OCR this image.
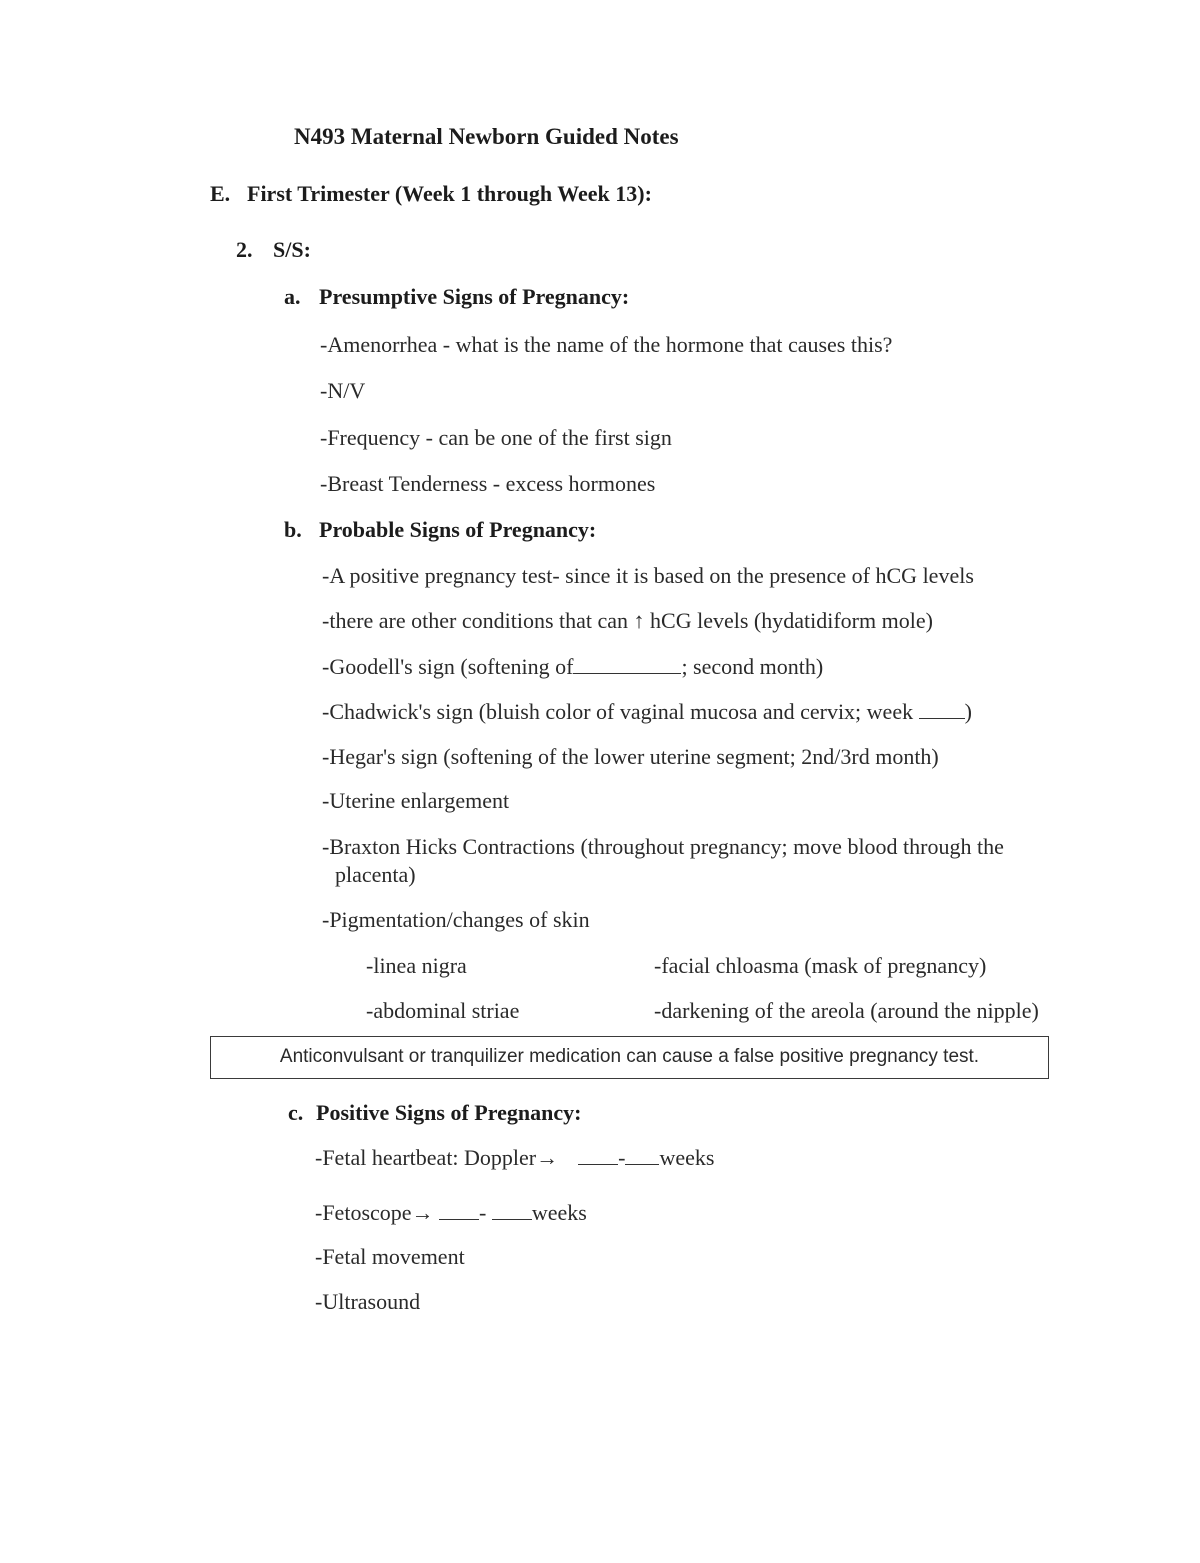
N493 Maternal Newborn Guided Notes
E. First Trimester (Week 1 through Week 13):
2. S/S:
a. Presumptive Signs of Pregnancy:
-Amenorrhea - what is the name of the hormone that causes this?
-N/V
-Frequency - can be one of the first sign
-Breast Tenderness - excess hormones
b. Probable Signs of Pregnancy:
-A positive pregnancy test- since it is based on the presence of hCG levels
-there are other conditions that can ↑ hCG levels (hydatidiform mole)
-Goodell's sign (softening of	; second month)
-Chadwick's sign (bluish color of vaginal mucosa and cervix; week )
-Hegar's sign (softening of the lower uterine segment; 2nd/3rd month)
-Uterine enlargement
-Braxton Hicks Contractions (throughout pregnancy; move blood through the
placenta)
-Pigmentation/changes of skin
-linea nigra	-facial chloasma (mask of pregnancy)
-abdominal striae	-darkening of the areola (around the nipple)
Anticonvulsant or tranquilizer medication can cause a false positive pregnancy test.
c. Positive Signs of Pregnancy:
-Fetal heartbeat: Doppler→	- weeks
-Fetoscope→ - weeks
-Fetal movement
-Ultrasound
